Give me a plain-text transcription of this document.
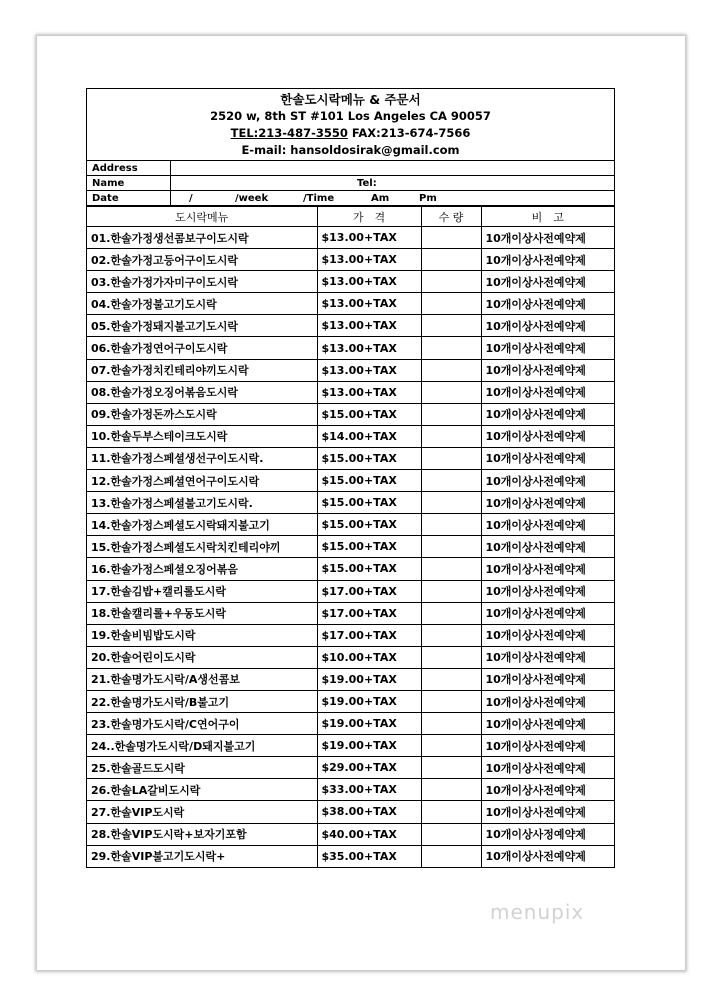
한솔도시락메뉴 & 주문서
2520 w, 8th ST #101 Los Angeles CA 90057
TEL:213-487-3550 FAX:213-674-7566
E-mail: hansoldosirak@gmail.com
Address
Name	Tel:
Date	/	/week	/Time	Am	Pm
도시락메뉴	가　격	수 량	비　고
01.한솔가정생선콤보구이도시락	$13.00+TAX		10개이상사전예약제
02.한솔가정고등어구이도시락	$13.00+TAX		10개이상사전예약제
03.한솔가정가자미구이도시락	$13.00+TAX		10개이상사전예약제
04.한솔가정불고기도시락	$13.00+TAX		10개이상사전예약제
05.한솔가정돼지불고기도시락	$13.00+TAX		10개이상사전예약제
06.한솔가정연어구이도시락	$13.00+TAX		10개이상사전예약제
07.한솔가정치킨테리야끼도시락	$13.00+TAX		10개이상사전예약제
08.한솔가정오징어볶음도시락	$13.00+TAX		10개이상사전예약제
09.한솔가정돈까스도시락	$15.00+TAX		10개이상사전예약제
10.한솔두부스테이크도시락	$14.00+TAX		10개이상사전예약제
11.한솔가정스페셜생선구이도시락.	$15.00+TAX		10개이상사전예약제
12.한솔가정스페셜연어구이도시락	$15.00+TAX		10개이상사전예약제
13.한솔가정스페셜불고기도시락.	$15.00+TAX		10개이상사전예약제
14.한솔가정스페셜도시락돼지불고기	$15.00+TAX		10개이상사전예약제
15.한솔가정스페셜도시락치킨테리야끼	$15.00+TAX		10개이상사전예약제
16.한솔가정스페셜오징어볶음	$15.00+TAX		10개이상사전예약제
17.한솔김밥+캘리롤도시락	$17.00+TAX		10개이상사전예약제
18.한솔캘리롤+우동도시락	$17.00+TAX		10개이상사전예약제
19.한솔비빔밥도시락	$17.00+TAX		10개이상사전예약제
20.한솔어린이도시락	$10.00+TAX		10개이상사전예약제
21.한솔명가도시락/A생선콤보	$19.00+TAX		10개이상사전예약제
22.한솔명가도시락/B불고기	$19.00+TAX		10개이상사전예약제
23.한솔명가도시락/C연어구이	$19.00+TAX		10개이상사전예약제
24..한솔명가도시락/D돼지불고기	$19.00+TAX		10개이상사전예약제
25.한솔골드도시락	$29.00+TAX		10개이상사전예약제
26.한솔LA갈비도시락	$33.00+TAX		10개이상사전예약제
27.한솔VIP도시락	$38.00+TAX		10개이상사전예약제
28.한솔VIP도시락+보자기포함	$40.00+TAX		10개이상사정예약제
29.한솔VIP불고기도시락+	$35.00+TAX		10개이상사전예약제
menupix
